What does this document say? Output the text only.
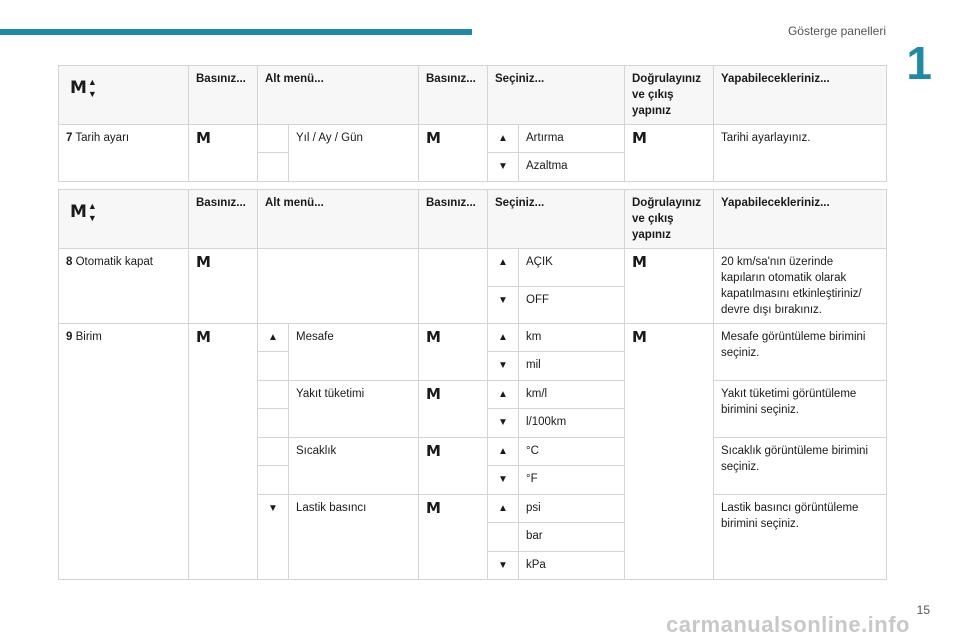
Gösterge panelleri
1
M ▲
▼	Basınız...	Alt menü...		Basınız...	Seçiniz...		Doğrulayınız ve çıkış yapınız	Yapabilecekleriniz...
7 Tarih ayarı	M		Yıl / Ay / Gün	M	▲	Artırma	M	Tarihi ayarlayınız.
					▼	Azaltma		
M ▲
▼	Basınız...	Alt menü...		Basınız...	Seçiniz...		Doğrulayınız ve çıkış yapınız	Yapabilecekleriniz...
8 Otomatik kapat	M				▲	AÇIK	M	20 km/sa'nın üzerinde kapıların otomatik olarak kapatılmasını etkinleştiriniz/ devre dışı bırakınız.
					▼	OFF		
9 Birim	M	▲	Mesafe	M	▲	km	M	Mesafe görüntüleme birimini seçiniz.
					▼	mil		
			Yakıt tüketimi	M	▲	km/l		Yakıt tüketimi görüntüleme birimini seçiniz.
					▼	l/100km		
			Sıcaklık	M	▲	°C		Sıcaklık görüntüleme birimini seçiniz.
					▼	°F		
		▼	Lastik basıncı	M	▲	psi		Lastik basıncı görüntüleme birimini seçiniz.
						bar		
					▼	kPa		
15
carmanualsonline.info
